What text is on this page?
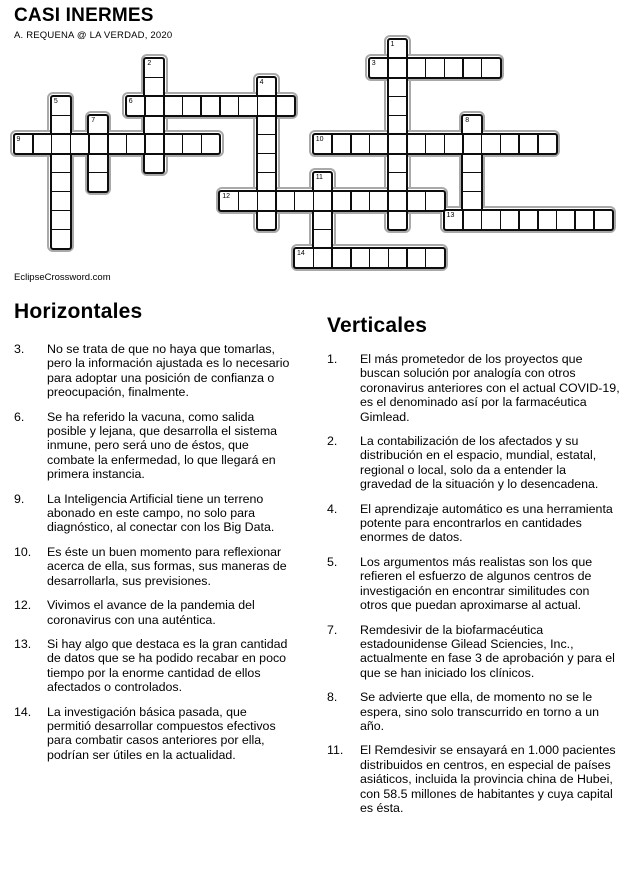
CASI INERMES
A. REQUENA @ LA VERDAD, 2020
1
2	3
4
5	6
7	8
9	10
11
12
13
14
EclipseCrossword.com
Horizontales
3.	No se trata de que no haya que tomarlas, pero la información ajustada es lo necesario para adoptar una posición de confianza o preocupación, finalmente.
6.	Se ha referido la vacuna, como salida posible y lejana, que desarrolla el sistema inmune, pero será uno de éstos, que combate la enfermedad, lo que llegará en primera instancia.
9.	La Inteligencia Artificial tiene un terreno abonado en este campo, no solo para diagnóstico, al conectar con los Big Data.
10.	Es éste un buen momento para reflexionar acerca de ella, sus formas, sus maneras de desarrollarla, sus previsiones.
12.	Vivimos el avance de la pandemia del coronavirus con una auténtica.
13.	Si hay algo que destaca es la gran cantidad de datos que se ha podido recabar en poco tiempo por la enorme cantidad de ellos afectados o controlados.
14.	La investigación básica pasada, que permitió desarrollar compuestos efectivos para combatir casos anteriores por ella, podrían ser útiles en la actualidad.
Verticales
1.	El más prometedor de los proyectos que buscan solución por analogía con otros coronavirus anteriores con el actual COVID-19, es el denominado así por la farmacéutica Gimlead.
2.	La contabilización de los afectados y su distribución en el espacio, mundial, estatal, regional o local, solo da a entender la gravedad de la situación y lo desencadena.
4.	El aprendizaje automático es una herramienta potente para encontrarlos en cantidades enormes de datos.
5.	Los argumentos más realistas son los que refieren el esfuerzo de algunos centros de investigación en encontrar similitudes con otros que puedan aproximarse al actual.
7.	Remdesivir de la biofarmacéutica estadounidense Gilead Sciencies, Inc., actualmente en fase 3 de aprobación y para el que se han iniciado los clínicos.
8.	Se advierte que ella, de momento no se le espera, sino solo transcurrido en torno a un año.
11.	El Remdesivir se ensayará en 1.000 pacientes distribuidos en centros, en especial de países asiáticos, incluida la provincia china de Hubei, con 58.5 millones de habitantes y cuya capital es ésta.
